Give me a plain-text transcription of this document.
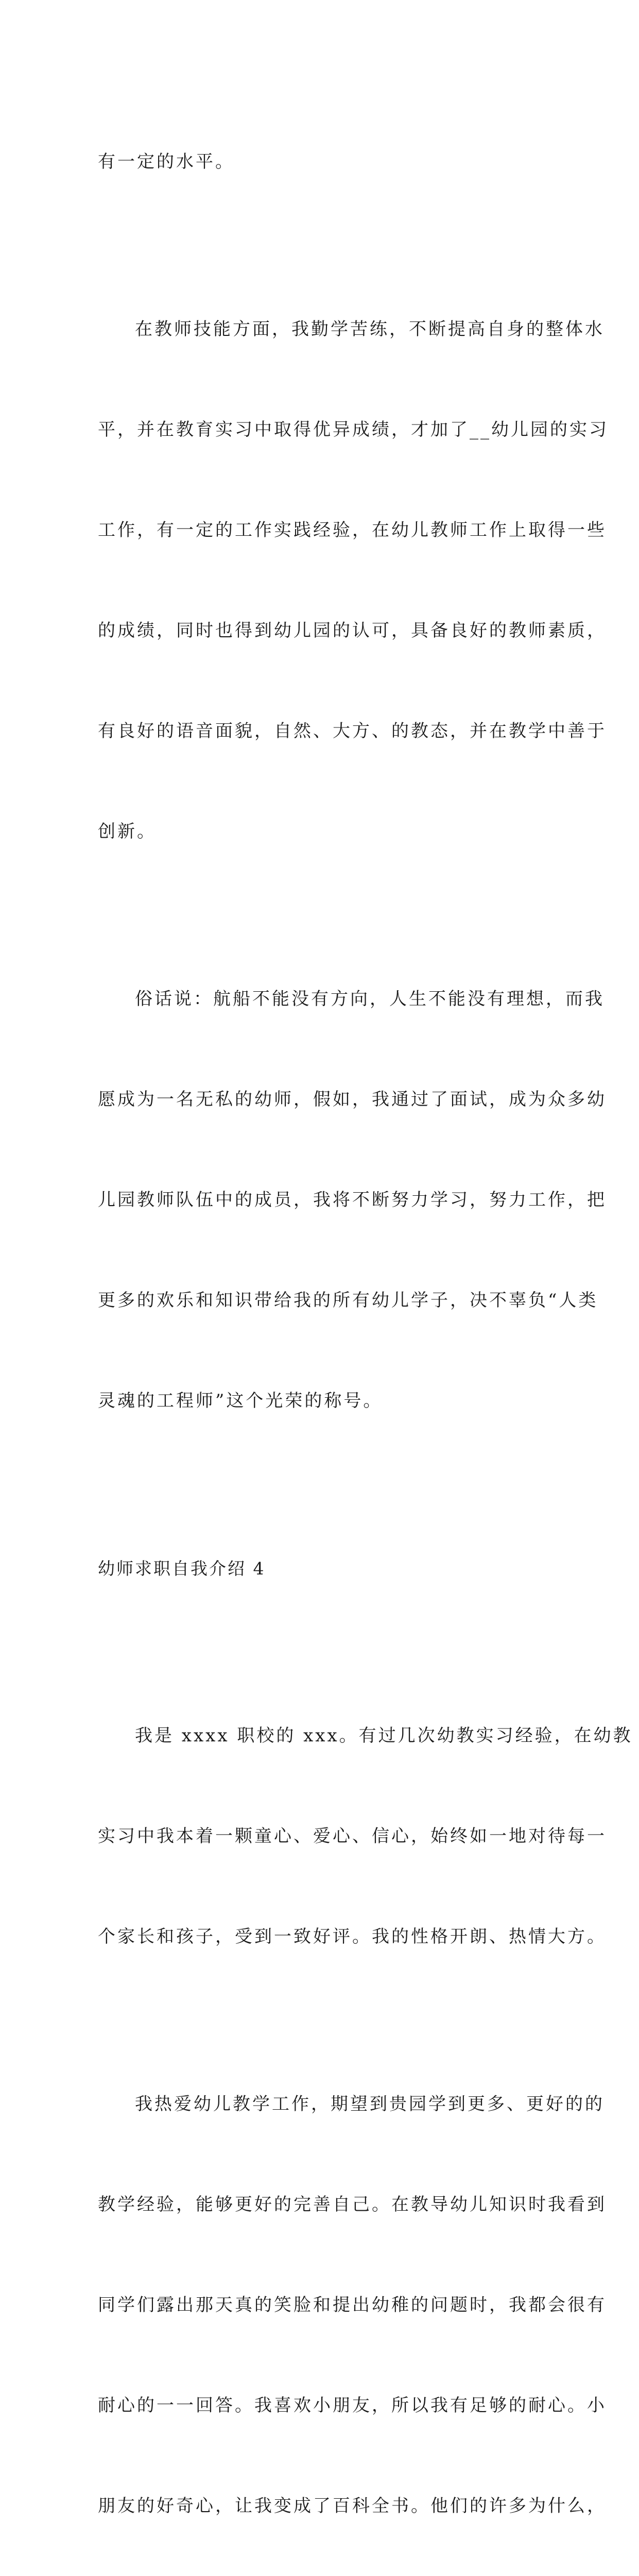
有一定的水平。

在教师技能方面，我勤学苦练，不断提高自身的整体水

平，并在教育实习中取得优异成绩，才加了__幼儿园的实习

工作，有一定的工作实践经验，在幼儿教师工作上取得一些

的成绩，同时也得到幼儿园的认可，具备良好的教师素质，

有良好的语音面貌，自然、大方、的教态，并在教学中善于

创新。

俗话说：航船不能没有方向，人生不能没有理想，而我

愿成为一名无私的幼师，假如，我通过了面试，成为众多幼

儿园教师队伍中的成员，我将不断努力学习，努力工作，把

更多的欢乐和知识带给我的所有幼儿学子，决不辜负“人类

灵魂的工程师”这个光荣的称号。

幼师求职自我介绍 4

我是 xxxx 职校的 xxx。有过几次幼教实习经验，在幼教

实习中我本着一颗童心、爱心、信心，始终如一地对待每一

个家长和孩子，受到一致好评。我的性格开朗、热情大方。

我热爱幼儿教学工作，期望到贵园学到更多、更好的的

教学经验，能够更好的完善自己。在教导幼儿知识时我看到

同学们露出那天真的笑脸和提出幼稚的问题时，我都会很有

耐心的一一回答。我喜欢小朋友，所以我有足够的耐心。小

朋友的好奇心，让我变成了百科全书。他们的许多为什么，
